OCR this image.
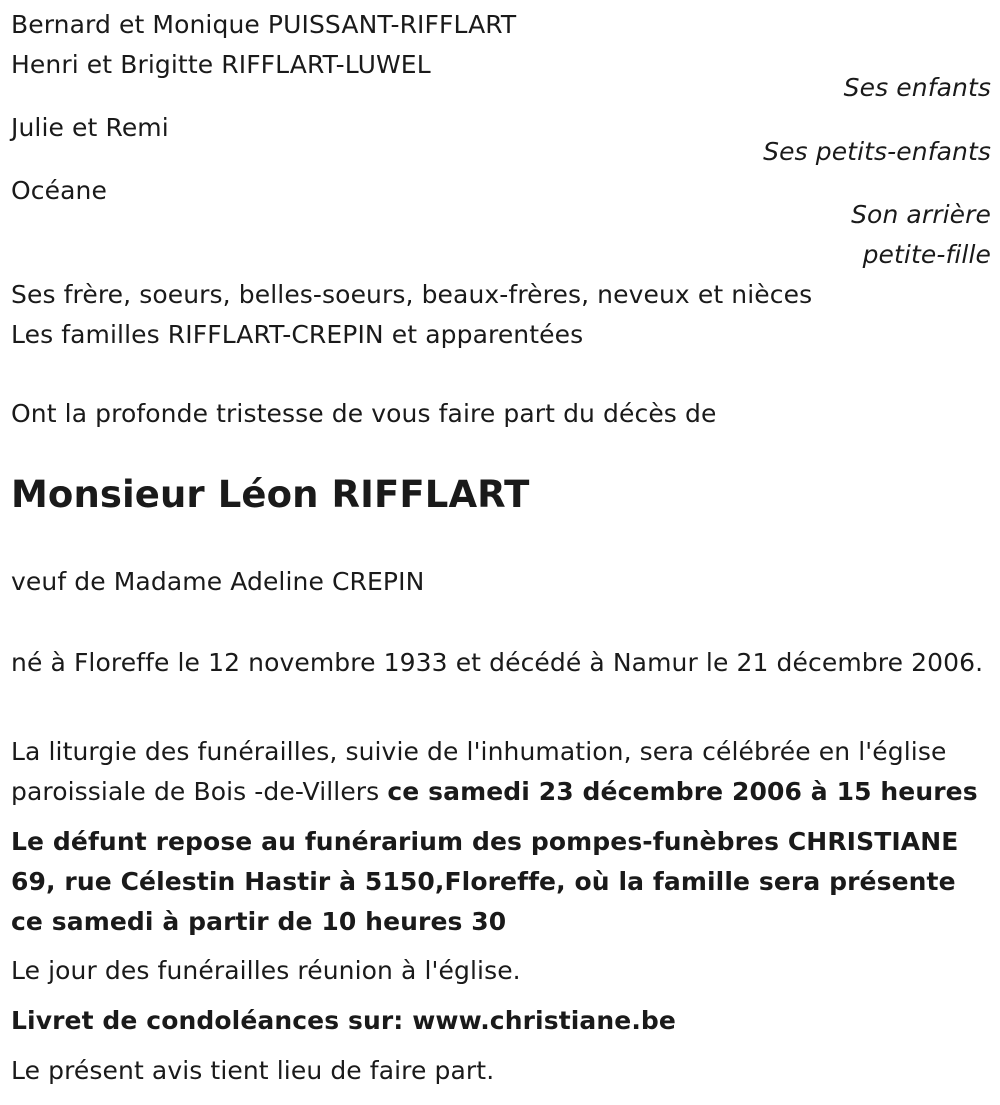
Bernard et Monique PUISSANT-RIFFLART
Henri et Brigitte RIFFLART-LUWEL
Ses enfants
Julie et Remi
Ses petits-enfants
Océane
Son arrière
petite-fille
Ses frère, soeurs, belles-soeurs, beaux-frères, neveux et nièces
Les familles RIFFLART-CREPIN et apparentées
Ont la profonde tristesse de vous faire part du décès de
Monsieur Léon RIFFLART
veuf de Madame Adeline CREPIN
né à Floreffe le 12 novembre 1933 et décédé à Namur le 21 décembre 2006.
La liturgie des funérailles, suivie de l'inhumation, sera célébrée en l'église paroissiale de Bois -de-Villers ce samedi 23 décembre 2006 à 15 heures
Le défunt repose au funérarium des pompes-funèbres CHRISTIANE 69, rue Célestin Hastir à 5150,Floreffe, où la famille sera présente ce samedi à partir de 10 heures 30
Le jour des funérailles réunion à l'église.
Livret de condoléances sur: www.christiane.be
Le présent avis tient lieu de faire part.
